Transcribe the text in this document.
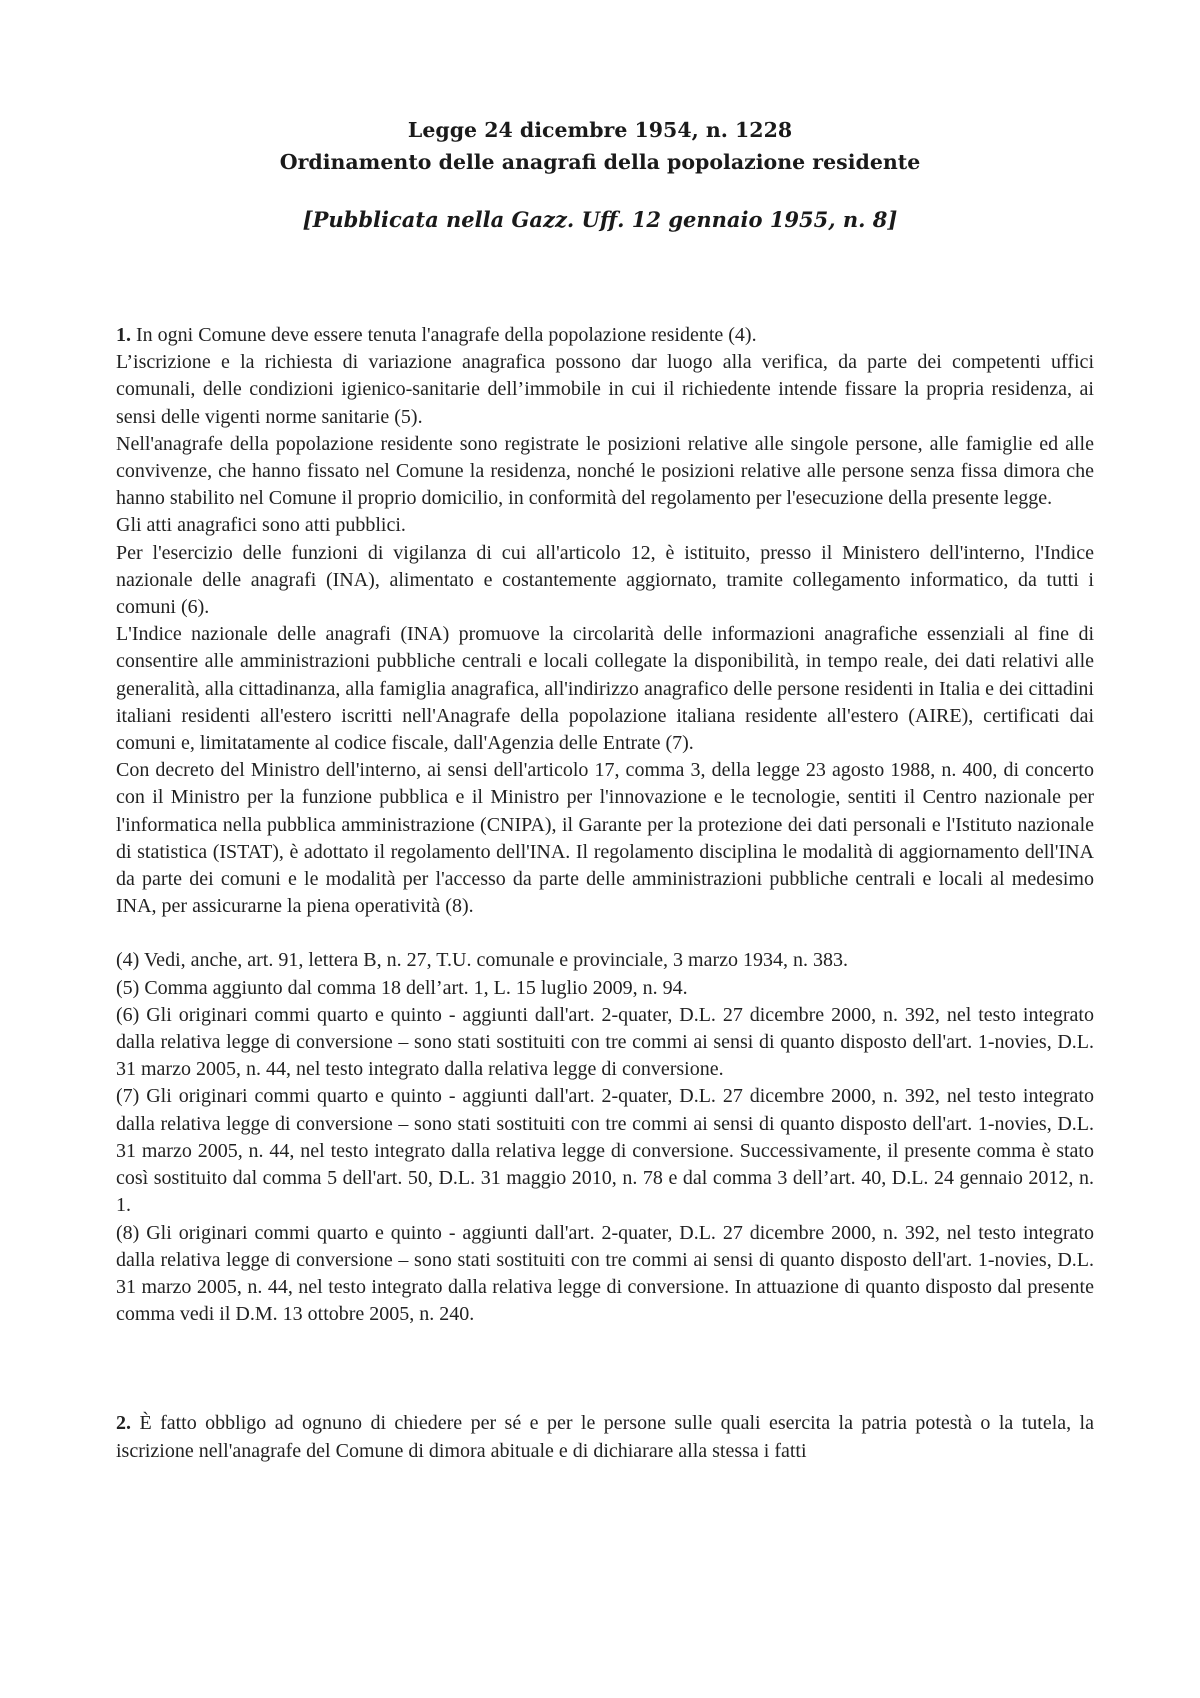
Legge 24 dicembre 1954, n. 1228
Ordinamento delle anagrafi della popolazione residente
[Pubblicata nella Gazz. Uff. 12 gennaio 1955, n. 8]

1. In ogni Comune deve essere tenuta l'anagrafe della popolazione residente (4).

L’iscrizione e la richiesta di variazione anagrafica possono dar luogo alla verifica, da parte dei competenti uffici comunali, delle condizioni igienico-sanitarie dell’immobile in cui il richiedente intende fissare la propria residenza, ai sensi delle vigenti norme sanitarie (5).

Nell'anagrafe della popolazione residente sono registrate le posizioni relative alle singole persone, alle famiglie ed alle convivenze, che hanno fissato nel Comune la residenza, nonché le posizioni relative alle persone senza fissa dimora che hanno stabilito nel Comune il proprio domicilio, in conformità del regolamento per l'esecuzione della presente legge.

Gli atti anagrafici sono atti pubblici.

Per l'esercizio delle funzioni di vigilanza di cui all'articolo 12, è istituito, presso il Ministero dell'interno, l'Indice nazionale delle anagrafi (INA), alimentato e costantemente aggiornato, tramite collegamento informatico, da tutti i comuni (6).

L'Indice nazionale delle anagrafi (INA) promuove la circolarità delle informazioni anagrafiche essenziali al fine di consentire alle amministrazioni pubbliche centrali e locali collegate la disponibilità, in tempo reale, dei dati relativi alle generalità, alla cittadinanza, alla famiglia anagrafica, all'indirizzo anagrafico delle persone residenti in Italia e dei cittadini italiani residenti all'estero iscritti nell'Anagrafe della popolazione italiana residente all'estero (AIRE), certificati dai comuni e, limitatamente al codice fiscale, dall'Agenzia delle Entrate (7).

Con decreto del Ministro dell'interno, ai sensi dell'articolo 17, comma 3, della legge 23 agosto 1988, n. 400, di concerto con il Ministro per la funzione pubblica e il Ministro per l'innovazione e le tecnologie, sentiti il Centro nazionale per l'informatica nella pubblica amministrazione (CNIPA), il Garante per la protezione dei dati personali e l'Istituto nazionale di statistica (ISTAT), è adottato il regolamento dell'INA. Il regolamento disciplina le modalità di aggiornamento dell'INA da parte dei comuni e le modalità per l'accesso da parte delle amministrazioni pubbliche centrali e locali al medesimo INA, per assicurarne la piena operatività (8).

(4) Vedi, anche, art. 91, lettera B, n. 27, T.U. comunale e provinciale, 3 marzo 1934, n. 383.

(5) Comma aggiunto dal comma 18 dell’art. 1, L. 15 luglio 2009, n. 94.

(6) Gli originari commi quarto e quinto - aggiunti dall'art. 2-quater, D.L. 27 dicembre 2000, n. 392, nel testo integrato dalla relativa legge di conversione – sono stati sostituiti con tre commi ai sensi di quanto disposto dell'art. 1-novies, D.L. 31 marzo 2005, n. 44, nel testo integrato dalla relativa legge di conversione.

(7) Gli originari commi quarto e quinto - aggiunti dall'art. 2-quater, D.L. 27 dicembre 2000, n. 392, nel testo integrato dalla relativa legge di conversione – sono stati sostituiti con tre commi ai sensi di quanto disposto dell'art. 1-novies, D.L. 31 marzo 2005, n. 44, nel testo integrato dalla relativa legge di conversione. Successivamente, il presente comma è stato così sostituito dal comma 5 dell'art. 50, D.L. 31 maggio 2010, n. 78 e dal comma 3 dell’art. 40, D.L. 24 gennaio 2012, n. 1.

(8) Gli originari commi quarto e quinto - aggiunti dall'art. 2-quater, D.L. 27 dicembre 2000, n. 392, nel testo integrato dalla relativa legge di conversione – sono stati sostituiti con tre commi ai sensi di quanto disposto dell'art. 1-novies, D.L. 31 marzo 2005, n. 44, nel testo integrato dalla relativa legge di conversione. In attuazione di quanto disposto dal presente comma vedi il D.M. 13 ottobre 2005, n. 240.

2. È fatto obbligo ad ognuno di chiedere per sé e per le persone sulle quali esercita la patria potestà o la tutela, la iscrizione nell'anagrafe del Comune di dimora abituale e di dichiarare alla stessa i fatti
